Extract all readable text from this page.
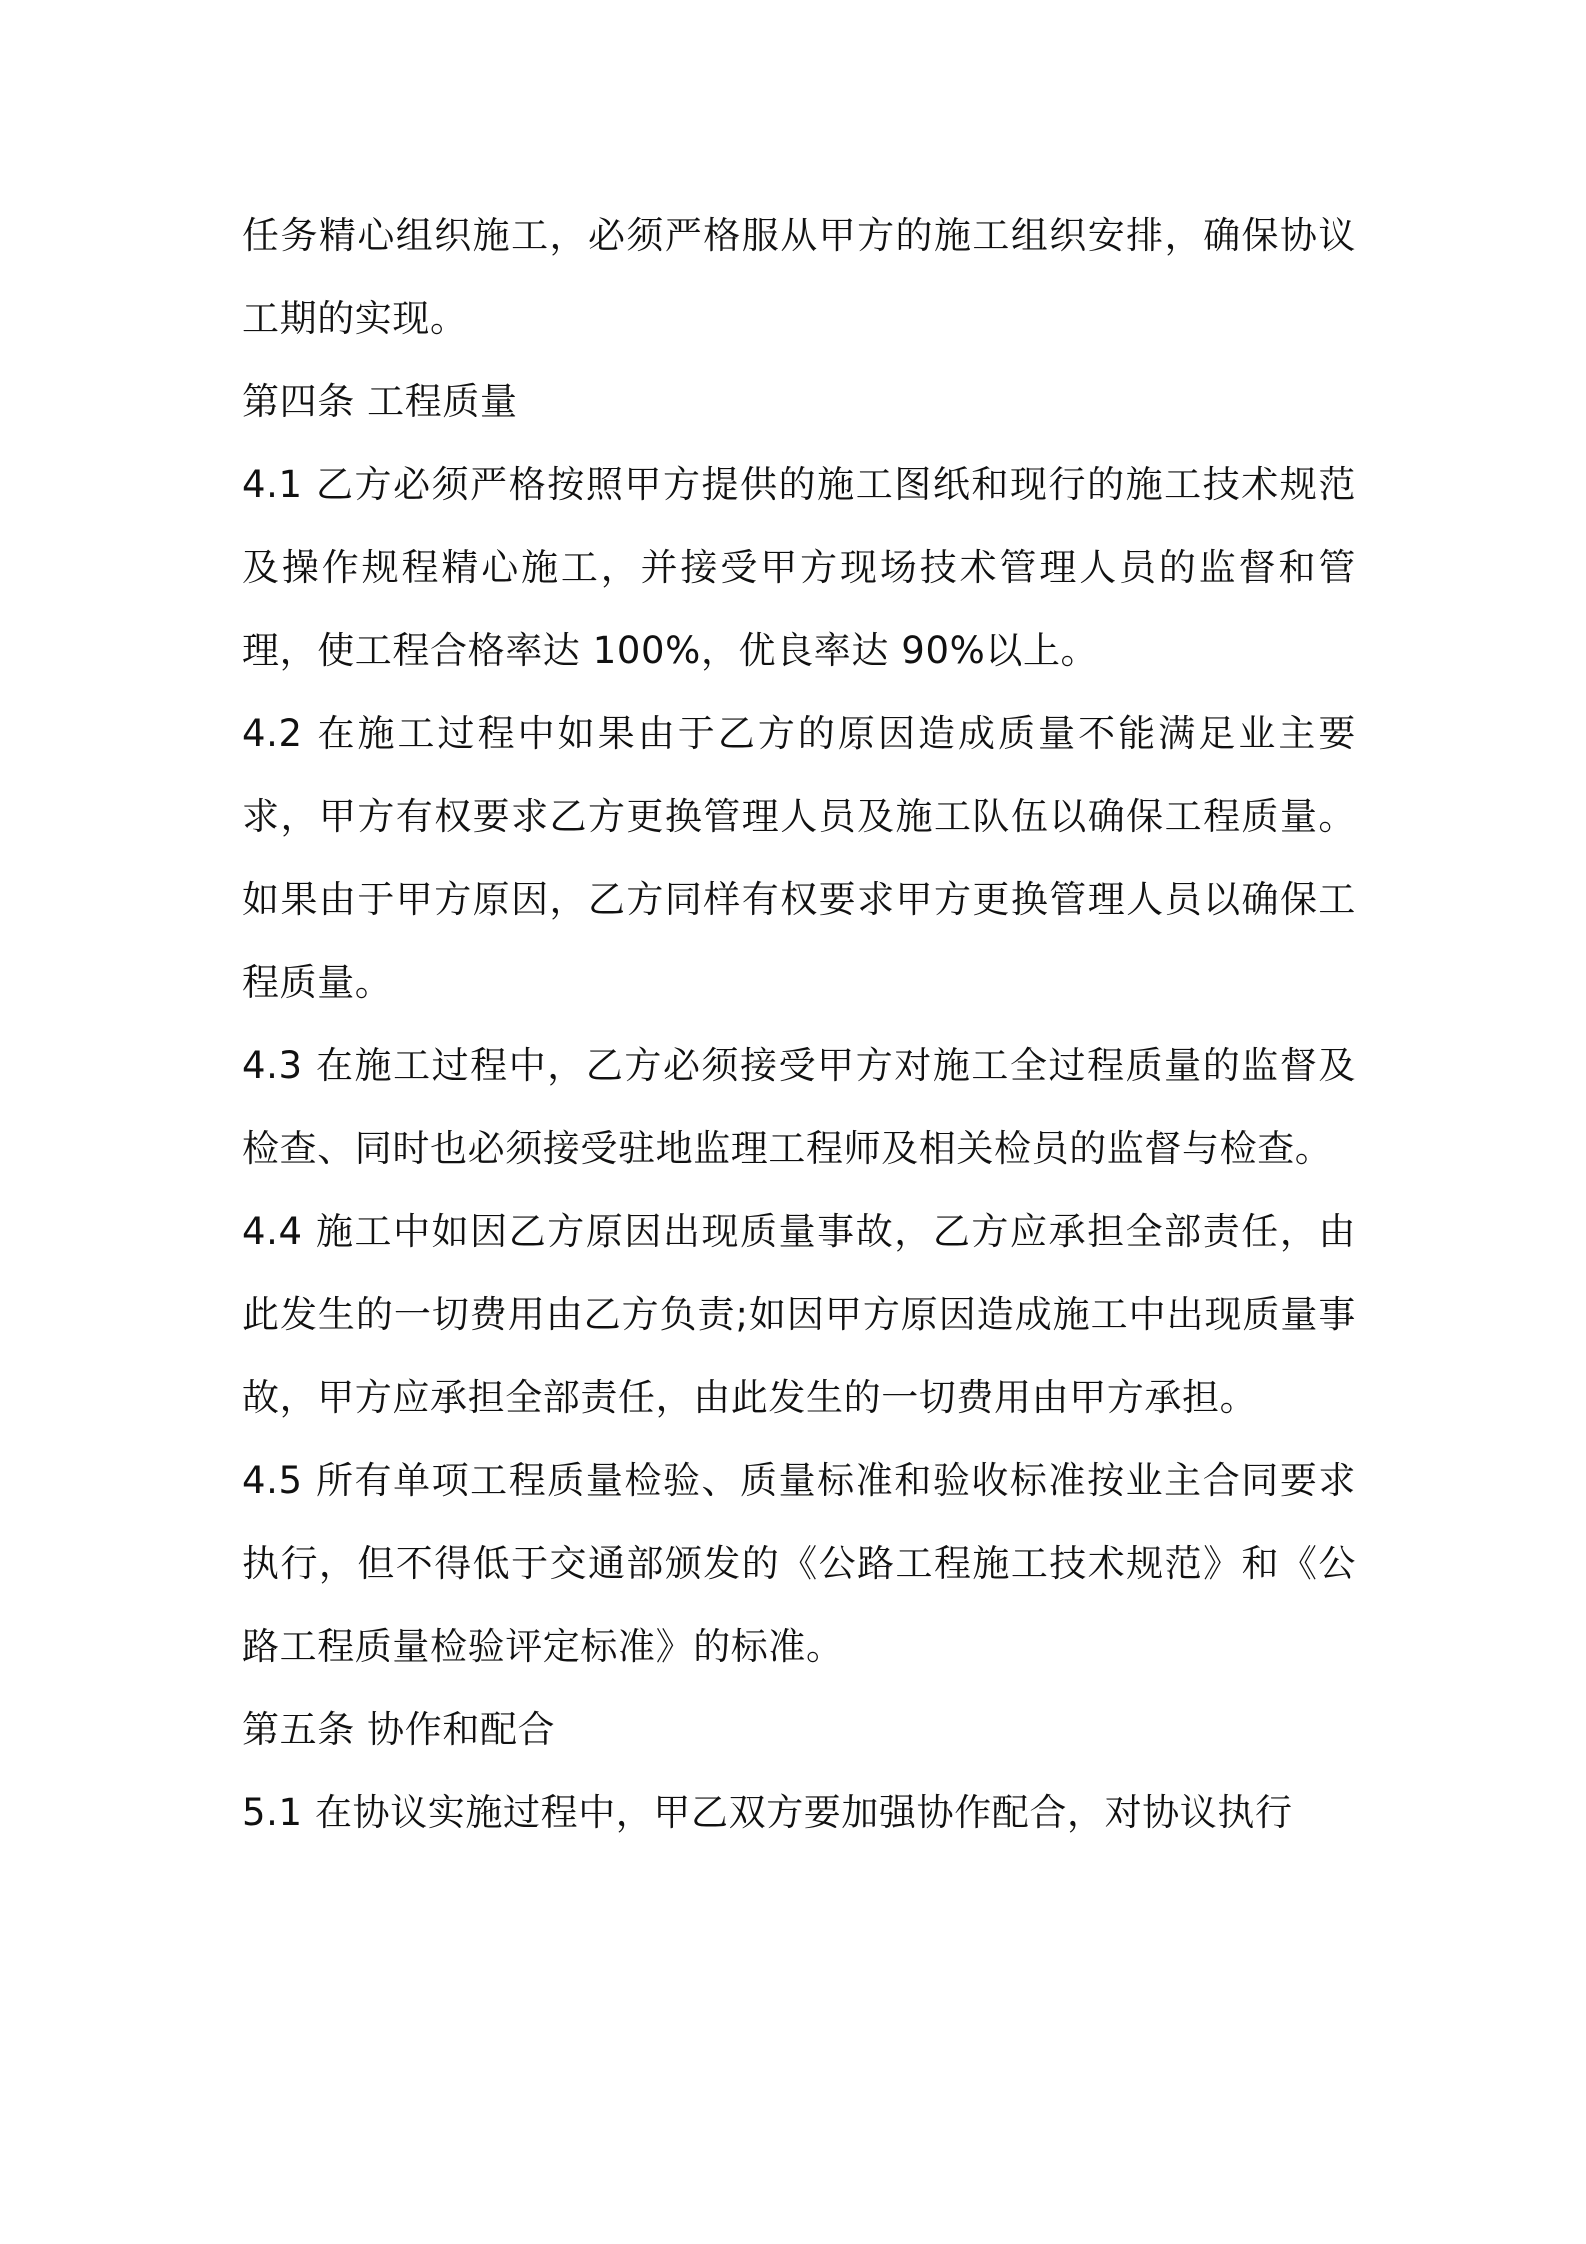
任务精心组织施工，必须严格服从甲方的施工组织安排，确保协议工期的实现。

第四条 工程质量

4.1 乙方必须严格按照甲方提供的施工图纸和现行的施工技术规范及操作规程精心施工，并接受甲方现场技术管理人员的监督和管理，使工程合格率达 100%，优良率达 90%以上。

4.2 在施工过程中如果由于乙方的原因造成质量不能满足业主要求，甲方有权要求乙方更换管理人员及施工队伍以确保工程质量。如果由于甲方原因，乙方同样有权要求甲方更换管理人员以确保工程质量。

4.3 在施工过程中，乙方必须接受甲方对施工全过程质量的监督及检查、同时也必须接受驻地监理工程师及相关检员的监督与检查。

4.4 施工中如因乙方原因出现质量事故，乙方应承担全部责任，由此发生的一切费用由乙方负责;如因甲方原因造成施工中出现质量事故，甲方应承担全部责任，由此发生的一切费用由甲方承担。

4.5 所有单项工程质量检验、质量标准和验收标准按业主合同要求执行，但不得低于交通部颁发的《公路工程施工技术规范》和《公路工程质量检验评定标准》的标准。

第五条 协作和配合

5.1 在协议实施过程中，甲乙双方要加强协作配合，对协议执行
